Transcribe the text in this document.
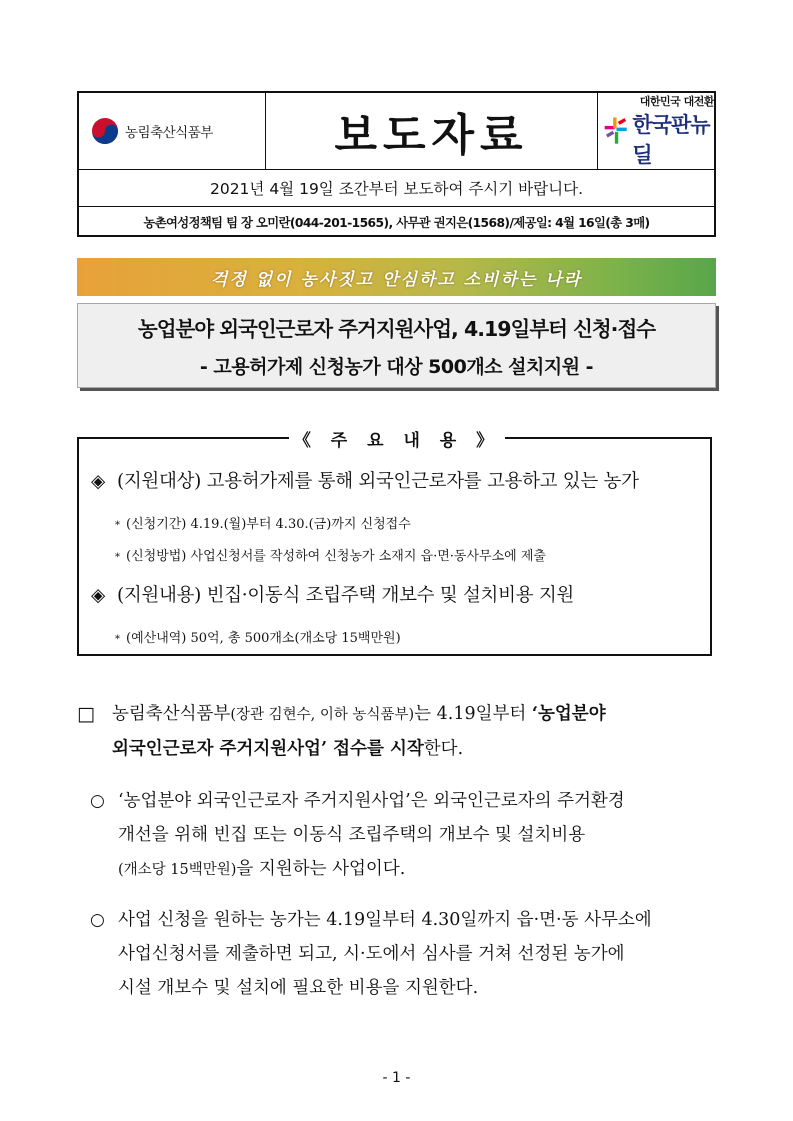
농림축산식품부	보도자료
대한민국 대전환
한국판뉴딜
2021년 4월 19일 조간부터 보도하여 주시기 바랍니다.
농촌여성정책팀 팀 장 오미란(044-201-1565), 사무관 권지은(1568)/제공일: 4월 16일(총 3매)
걱정 없이 농사짓고 안심하고 소비하는 나라
농업분야 외국인근로자 주거지원사업, 4.19일부터 신청·접수
- 고용허가제 신청농가 대상 500개소 설치지원 -
《 주 요 내 용 》
◈ (지원대상) 고용허가제를 통해 외국인근로자를 고용하고 있는 농가
* (신청기간) 4.19.(월)부터 4.30.(금)까지 신청접수
* (신청방법) 사업신청서를 작성하여 신청농가 소재지 읍·면·동사무소에 제출
◈ (지원내용) 빈집·이동식 조립주택 개보수 및 설치비용 지원
* (예산내역) 50억, 총 500개소(개소당 15백만원)
□ 농림축산식품부(장관 김현수, 이하 농식품부)는 4.19일부터 ‘농업분야
외국인근로자 주거지원사업’ 접수를 시작한다.
○ ‘농업분야 외국인근로자 주거지원사업’은 외국인근로자의 주거환경
개선을 위해 빈집 또는 이동식 조립주택의 개보수 및 설치비용
(개소당 15백만원)을 지원하는 사업이다.
○ 사업 신청을 원하는 농가는 4.19일부터 4.30일까지 읍·면·동 사무소에
사업신청서를 제출하면 되고, 시·도에서 심사를 거쳐 선정된 농가에
시설 개보수 및 설치에 필요한 비용을 지원한다.
- 1 -
